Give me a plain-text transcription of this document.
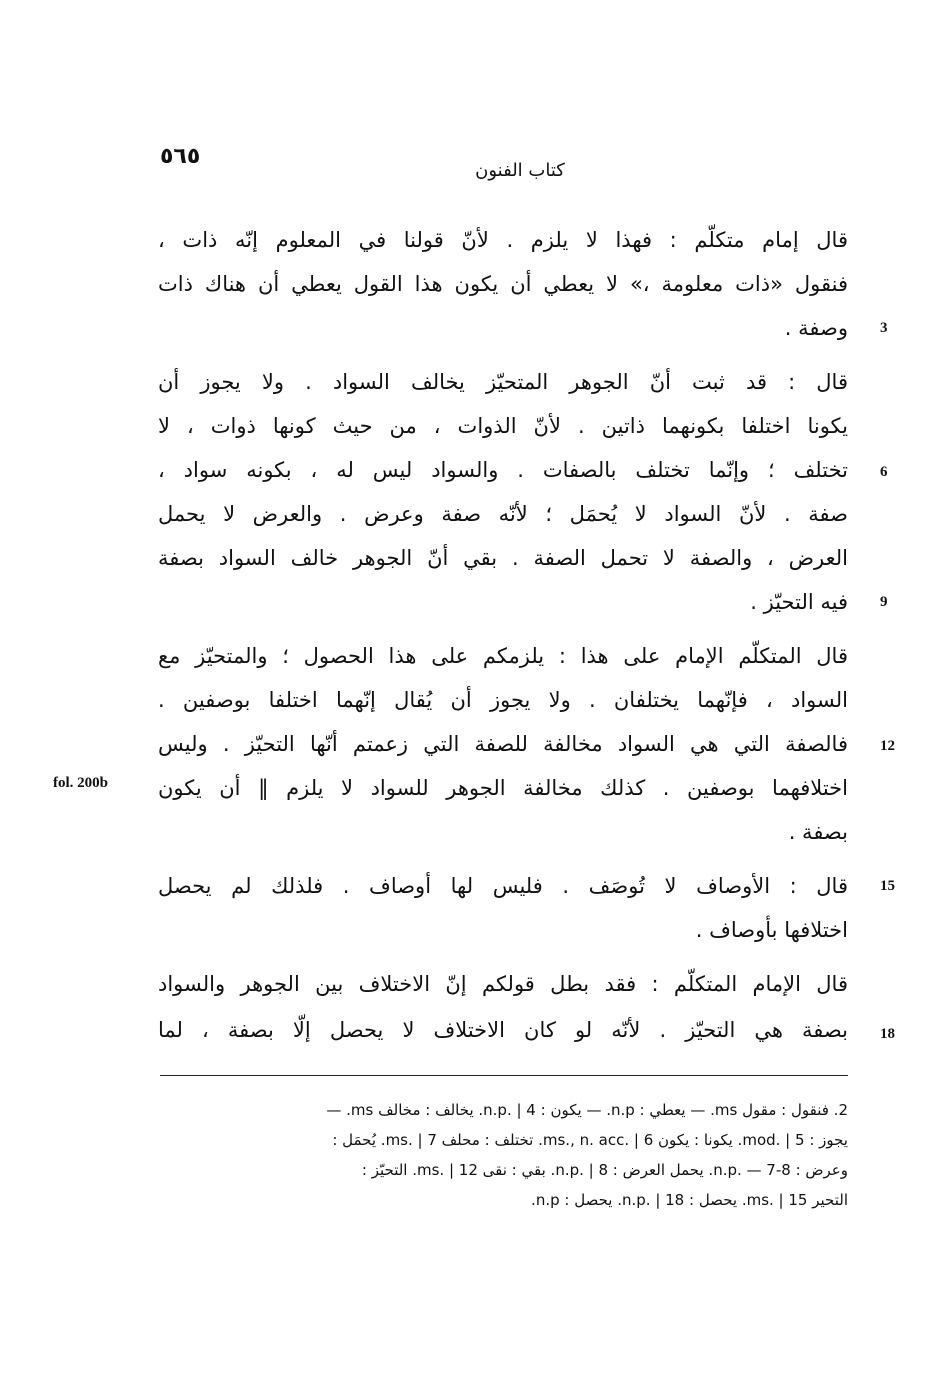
٥٦٥
كتاب الفنون
قال إمام متكلّم : فهذا لا يلزم . لأنّ قولنا في المعلوم إنّه ذات ،
فنقول «ذات معلومة ،» لا يعطي أن يكون هذا القول يعطي أن هناك ذات
وصفة . 3
قال : قد ثبت أنّ الجوهر المتحيّز يخالف السواد . ولا يجوز أن
يكونا اختلفا بكونهما ذاتين . لأنّ الذوات ، من حيث كونها ذوات ، لا
تختلف ؛ وإنّما تختلف بالصفات . والسواد ليس له ، بكونه سواد ، 6
صفة . لأنّ السواد لا يُحمَل ؛ لأنّه صفة وعرض . والعرض لا يحمل
العرض ، والصفة لا تحمل الصفة . بقي أنّ الجوهر خالف السواد بصفة
فيه التحيّز . 9
قال المتكلّم الإمام على هذا : يلزمكم على هذا الحصول ؛ والمتحيّز مع
السواد ، فإنّهما يختلفان . ولا يجوز أن يُقال إنّهما اختلفا بوصفين .
فالصفة التي هي السواد مخالفة للصفة التي زعمتم أنّها التحيّز . وليس 12
اختلافهما بوصفين . كذلك مخالفة الجوهر للسواد لا يلزم ‖ أن يكون
بصفة .
قال : الأوصاف لا تُوصَف . فليس لها أوصاف . فلذلك لم يحصل 15
اختلافها بأوصاف .
قال الإمام المتكلّم : فقد بطل قولكم إنّ الاختلاف بين الجوهر والسواد
بصفة هي التحيّز . لأنّه لو كان الاختلاف لا يحصل إلّا بصفة ، لما 18
fol. 200b
2. فنقول : مقول ms. — يعطي : n.p. — يكون : n.p. | 4. يخالف : مخالف ms. —
يجوز : mod. | 5. يكونا : يكون ms., n. acc. | 6. تختلف : محلف ms. | 7. يُحمَل :
وعرض : n.p. — 7-8. يحمل العرض : n.p. | 8. بقي : نقى ms. | 12. التحيّز :
التحير ms. | 15. يحصل : n.p. | 18. يحصل : n.p.
